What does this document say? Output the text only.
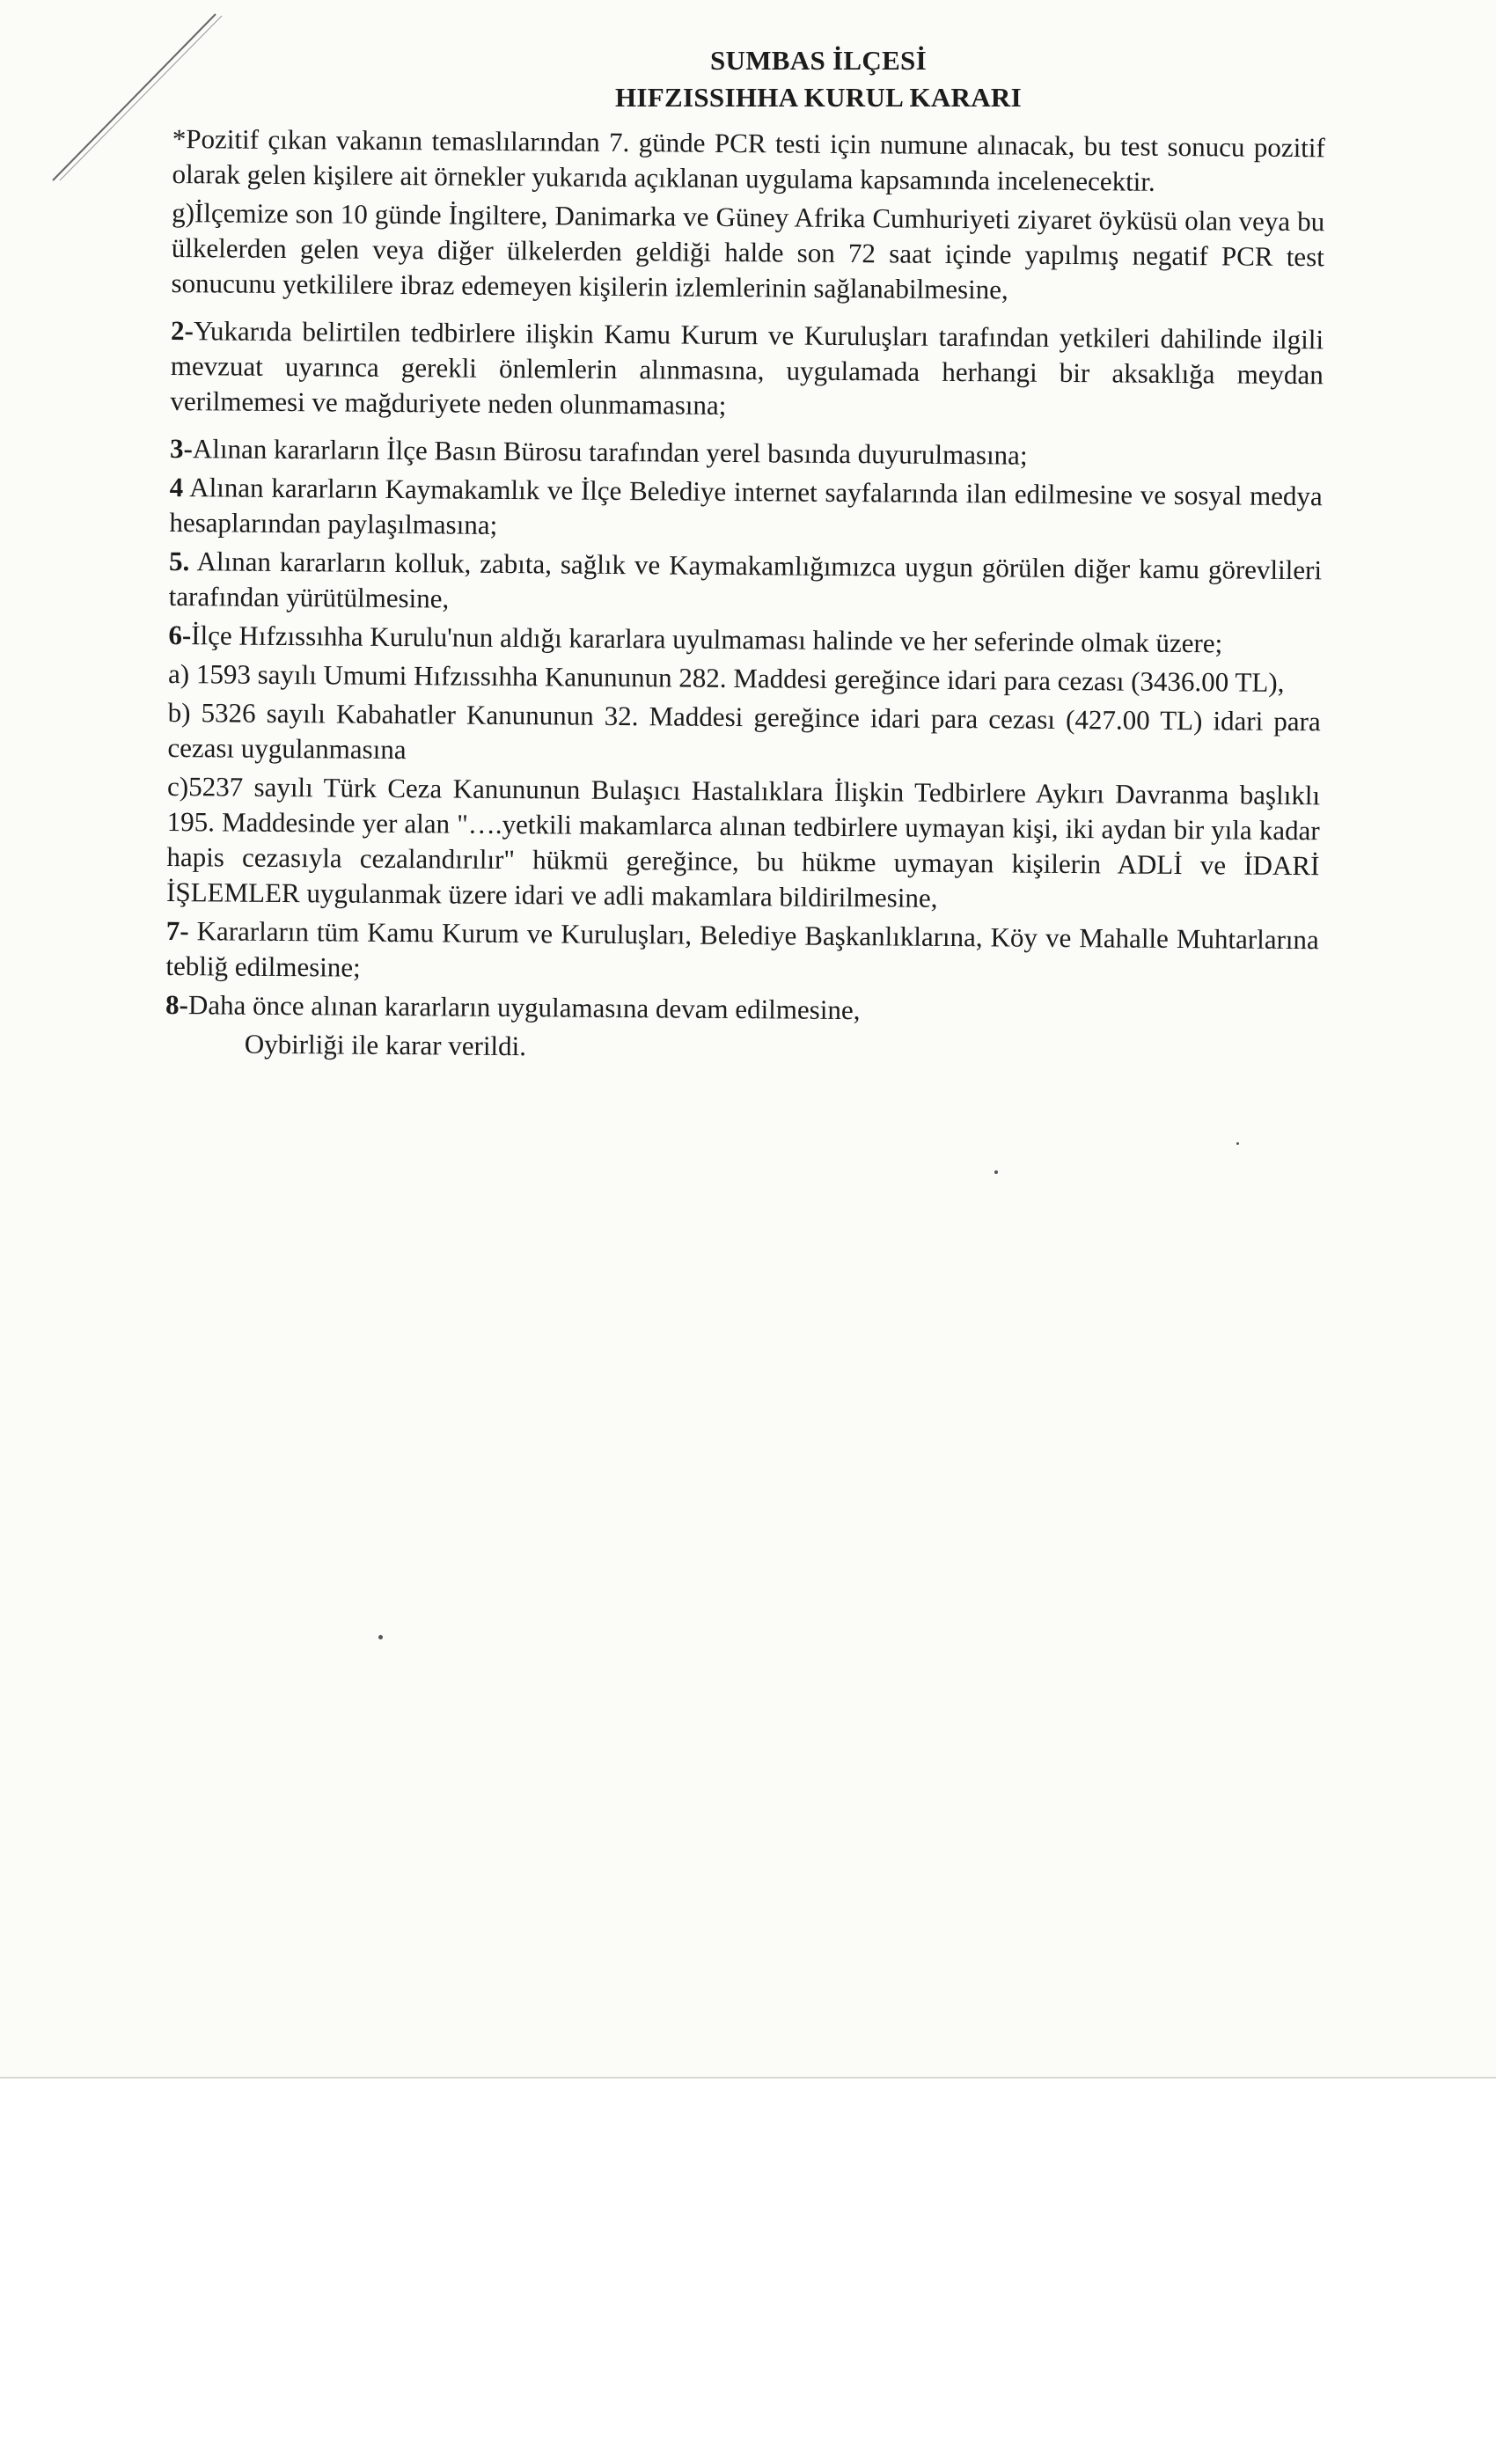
SUMBAS İLÇESİ
HIFZISSIHHA KURUL KARARI

*Pozitif çıkan vakanın temaslılarından 7. günde PCR testi için numune alınacak, bu test sonucu pozitif olarak gelen kişilere ait örnekler yukarıda açıklanan uygulama kapsamında incelenecektir.

g)İlçemize son 10 günde İngiltere, Danimarka ve Güney Afrika Cumhuriyeti ziyaret öyküsü olan veya bu ülkelerden gelen veya diğer ülkelerden geldiği halde son 72 saat içinde yapılmış negatif PCR test sonucunu yetkililere ibraz edemeyen kişilerin izlemlerinin sağlanabilmesine,

2-Yukarıda belirtilen tedbirlere ilişkin Kamu Kurum ve Kuruluşları tarafından yetkileri dahilinde ilgili mevzuat uyarınca gerekli önlemlerin alınmasına, uygulamada herhangi bir aksaklığa meydan verilmemesi ve mağduriyete neden olunmamasına;

3-Alınan kararların İlçe Basın Bürosu tarafından yerel basında duyurulmasına;

4 Alınan kararların Kaymakamlık ve İlçe Belediye internet sayfalarında ilan edilmesine ve sosyal medya hesaplarından paylaşılmasına;

5. Alınan kararların kolluk, zabıta, sağlık ve Kaymakamlığımızca uygun görülen diğer kamu görevlileri tarafından yürütülmesine,

6-İlçe Hıfzıssıhha Kurulu'nun aldığı kararlara uyulmaması halinde ve her seferinde olmak üzere;

a) 1593 sayılı Umumi Hıfzıssıhha Kanununun 282. Maddesi gereğince idari para cezası (3436.00 TL),

b) 5326 sayılı Kabahatler Kanununun 32. Maddesi gereğince idari para cezası (427.00 TL) idari para cezası uygulanmasına

c)5237 sayılı Türk Ceza Kanununun Bulaşıcı Hastalıklara İlişkin Tedbirlere Aykırı Davranma başlıklı 195. Maddesinde yer alan "….yetkili makamlarca alınan tedbirlere uymayan kişi, iki aydan bir yıla kadar hapis cezasıyla cezalandırılır" hükmü gereğince, bu hükme uymayan kişilerin ADLİ ve İDARİ İŞLEMLER uygulanmak üzere idari ve adli makamlara bildirilmesine,

7- Kararların tüm Kamu Kurum ve Kuruluşları, Belediye Başkanlıklarına, Köy ve Mahalle Muhtarlarına tebliğ edilmesine;

8-Daha önce alınan kararların uygulamasına devam edilmesine,

Oybirliği ile karar verildi.
